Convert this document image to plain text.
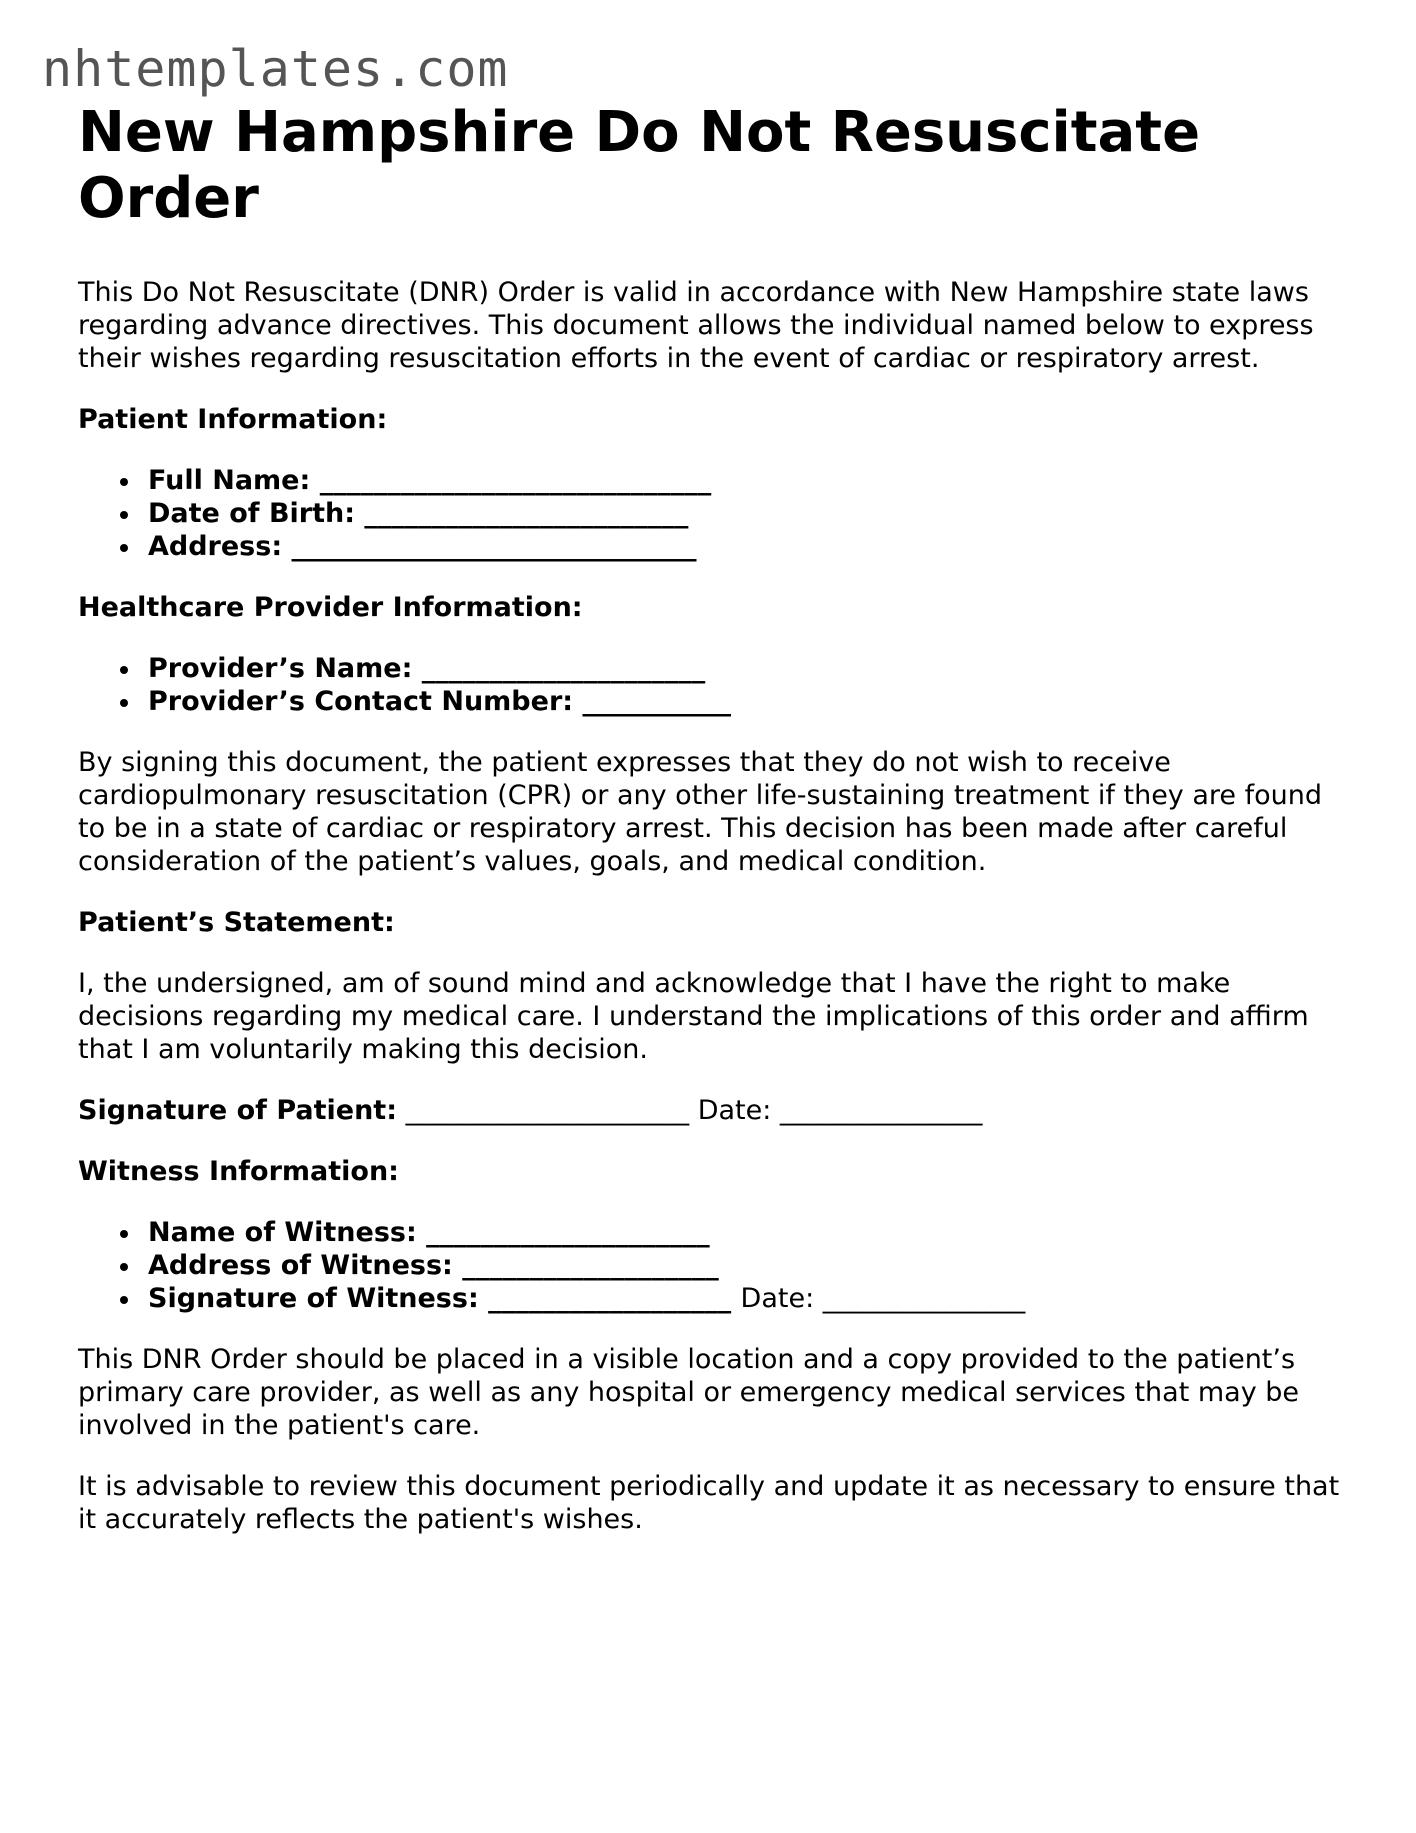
nhtemplates.com
New Hampshire Do Not Resuscitate Order

This Do Not Resuscitate (DNR) Order is valid in accordance with New Hampshire state laws regarding advance directives. This document allows the individual named below to express their wishes regarding resuscitation efforts in the event of cardiac or respiratory arrest.

Patient Information:
Full Name: _____________________________
Date of Birth: ________________________
Address: ______________________________
Healthcare Provider Information:
Provider’s Name: _____________________
Provider’s Contact Number: ___________

By signing this document, the patient expresses that they do not wish to receive cardiopulmonary resuscitation (CPR) or any other life-sustaining treatment if they are found to be in a state of cardiac or respiratory arrest. This decision has been made after careful consideration of the patient’s values, goals, and medical condition.

Patient’s Statement:

I, the undersigned, am of sound mind and acknowledge that I have the right to make decisions regarding my medical care. I understand the implications of this order and affirm that I am voluntarily making this decision.

Signature of Patient: _____________________ Date: _______________

Witness Information:
Name of Witness: _____________________
Address of Witness: ___________________
Signature of Witness: __________________ Date: _______________

This DNR Order should be placed in a visible location and a copy provided to the patient’s primary care provider, as well as any hospital or emergency medical services that may be involved in the patient's care.

It is advisable to review this document periodically and update it as necessary to ensure that it accurately reflects the patient's wishes.
